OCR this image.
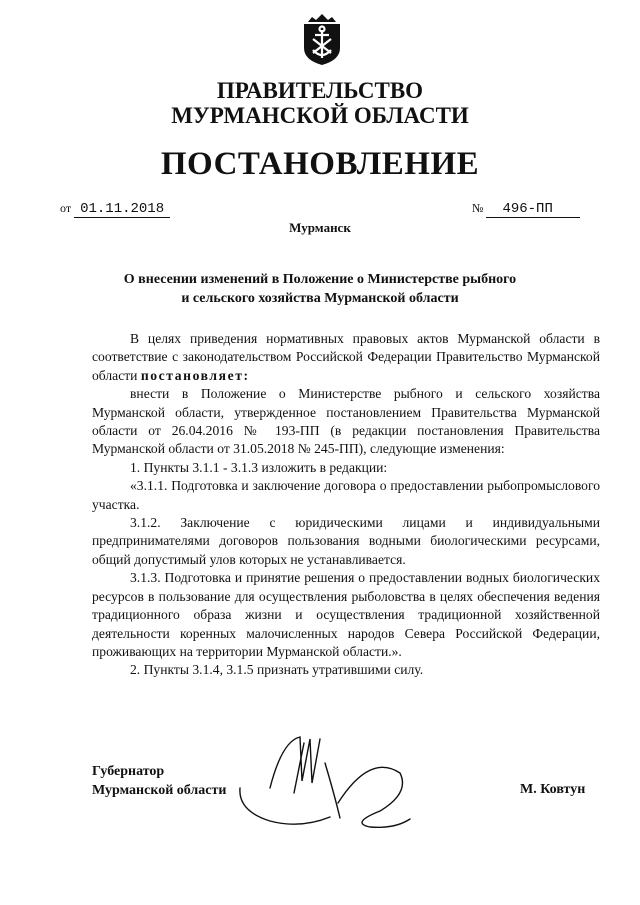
ПРАВИТЕЛЬСТВО
МУРМАНСКОЙ ОБЛАСТИ
ПОСТАНОВЛЕНИЕ
от 01.11.2018	№ 496-ПП
Мурманск
О внесении изменений в Положение о Министерстве рыбного
и сельского хозяйства Мурманской области

В целях приведения нормативных правовых актов Мурманской области в соответствие с законодательством Российской Федерации Правительство Мурманской области постановляет:

внести в Положение о Министерстве рыбного и сельского хозяйства Мурманской области, утвержденное постановлением Правительства Мурманской области от 26.04.2016 № 193-ПП (в редакции постановления Правительства Мурманской области от 31.05.2018 № 245-ПП), следующие изменения:

1. Пункты 3.1.1 - 3.1.3 изложить в редакции:

«3.1.1. Подготовка и заключение договора о предоставлении рыбопромыслового участка.

3.1.2. Заключение с юридическими лицами и индивидуальными предпринимателями договоров пользования водными биологическими ресурсами, общий допустимый улов которых не устанавливается.

3.1.3. Подготовка и принятие решения о предоставлении водных биологических ресурсов в пользование для осуществления рыболовства в целях обеспечения ведения традиционного образа жизни и осуществления традиционной хозяйственной деятельности коренных малочисленных народов Севера Российской Федерации, проживающих на территории Мурманской области.».

2. Пункты 3.1.4, 3.1.5 признать утратившими силу.

Губернатор
Мурманской области	М. Ковтун
